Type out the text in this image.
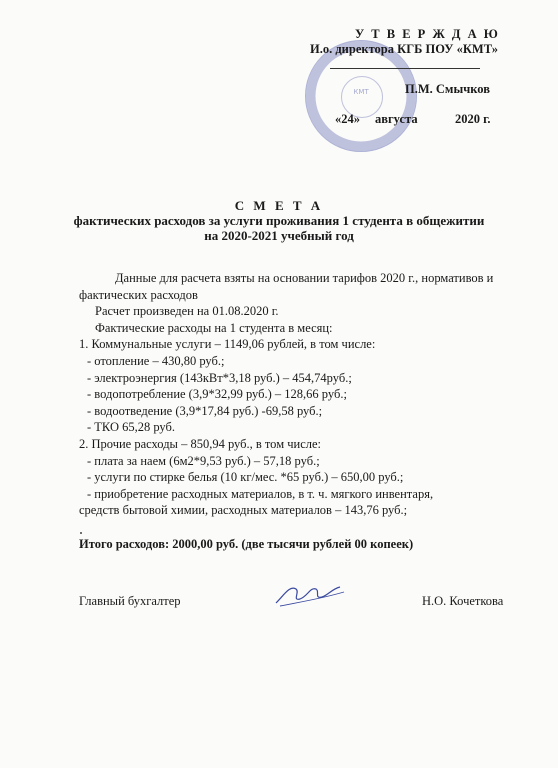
КМТ
У Т В Е Р Ж Д А Ю
И.о. директора КГБ ПОУ «КМТ»
П.М. Смычков
«24» августа	2020 г.
С М Е Т А
фактических расходов за услуги проживания 1 студента в общежитии
на 2020-2021 учебный год
Данные для расчета взяты на основании тарифов 2020 г., нормативов и
фактических расходов
Расчет произведен на 01.08.2020 г.
Фактические расходы на 1 студента в месяц:
1. Коммунальные услуги – 1149,06 рублей, в том числе:
- отопление – 430,80 руб.;
- электроэнергия (143кВт*3,18 руб.) – 454,74руб.;
- водопотребление (3,9*32,99 руб.) – 128,66 руб.;
- водоотведение (3,9*17,84 руб.) -69,58 руб.;
- ТКО 65,28 руб.
2. Прочие расходы – 850,94 руб., в том числе:
- плата за наем (6м2*9,53 руб.) – 57,18 руб.;
- услуги по стирке белья (10 кг/мес. *65 руб.) – 650,00 руб.;
- приобретение расходных материалов, в т. ч. мягкого инвентаря,
средств бытовой химии, расходных материалов – 143,76 руб.;
Итого расходов: 2000,00 руб. (две тысячи рублей 00 копеек)
Главный бухгалтер	Н.О. Кочеткова
